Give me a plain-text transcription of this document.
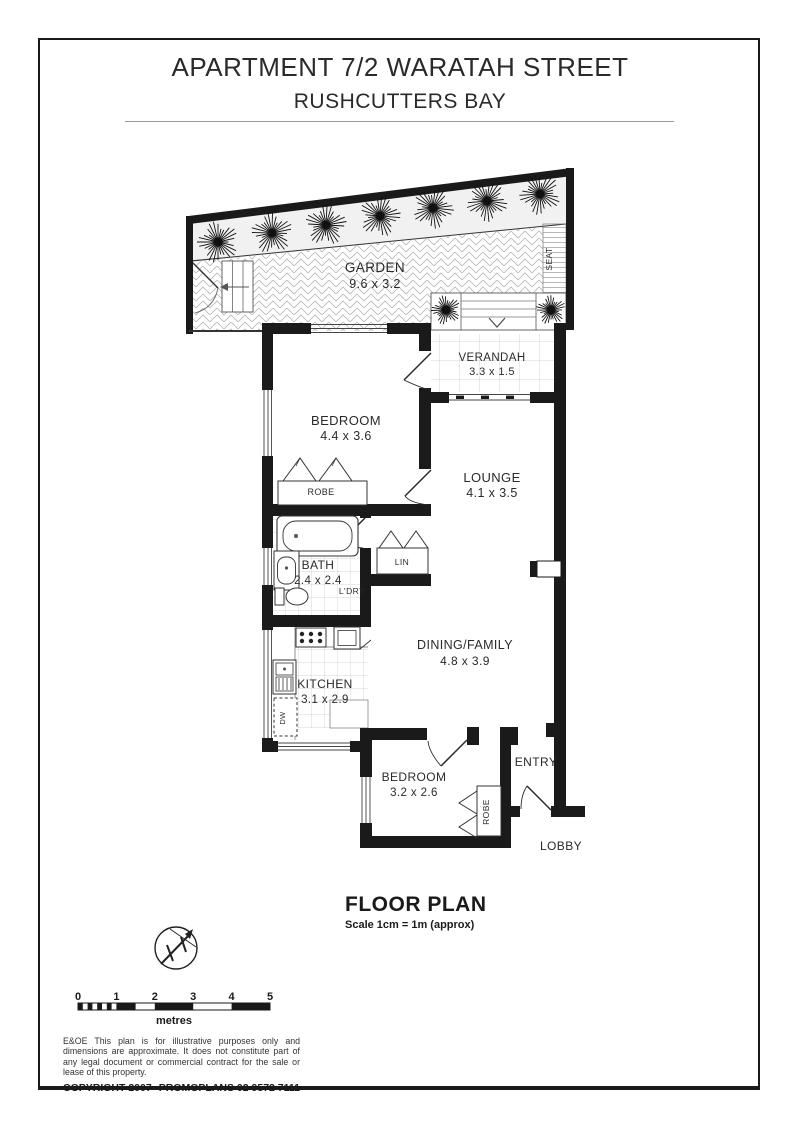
APARTMENT 7/2 WARATAH STREET
RUSHCUTTERS BAY
GARDEN
9.6 x 3.2
SEAT
VERANDAH
3.3 x 1.5
BEDROOM
4.4 x 3.6
LOUNGE
4.1 x 3.5
ROBE
BATH
2.4 x 2.4
LIN
L'DRY
DW
KITCHEN
3.1 x 2.9
DINING/FAMILY
4.8 x 3.9
BEDROOM
3.2 x 2.6
ROBE
ENTRY
LOBBY
0	1	2	3	4	5
metres
FLOOR PLAN
Scale 1cm = 1m (approx)
E&OE This plan is for illustrative purposes only and dimensions are approximate. It does not constitute part of any legal document or commercial contract for the sale or lease of this property.
COPYRIGHT 2007 PROMOPLANS 02 9572 7111
